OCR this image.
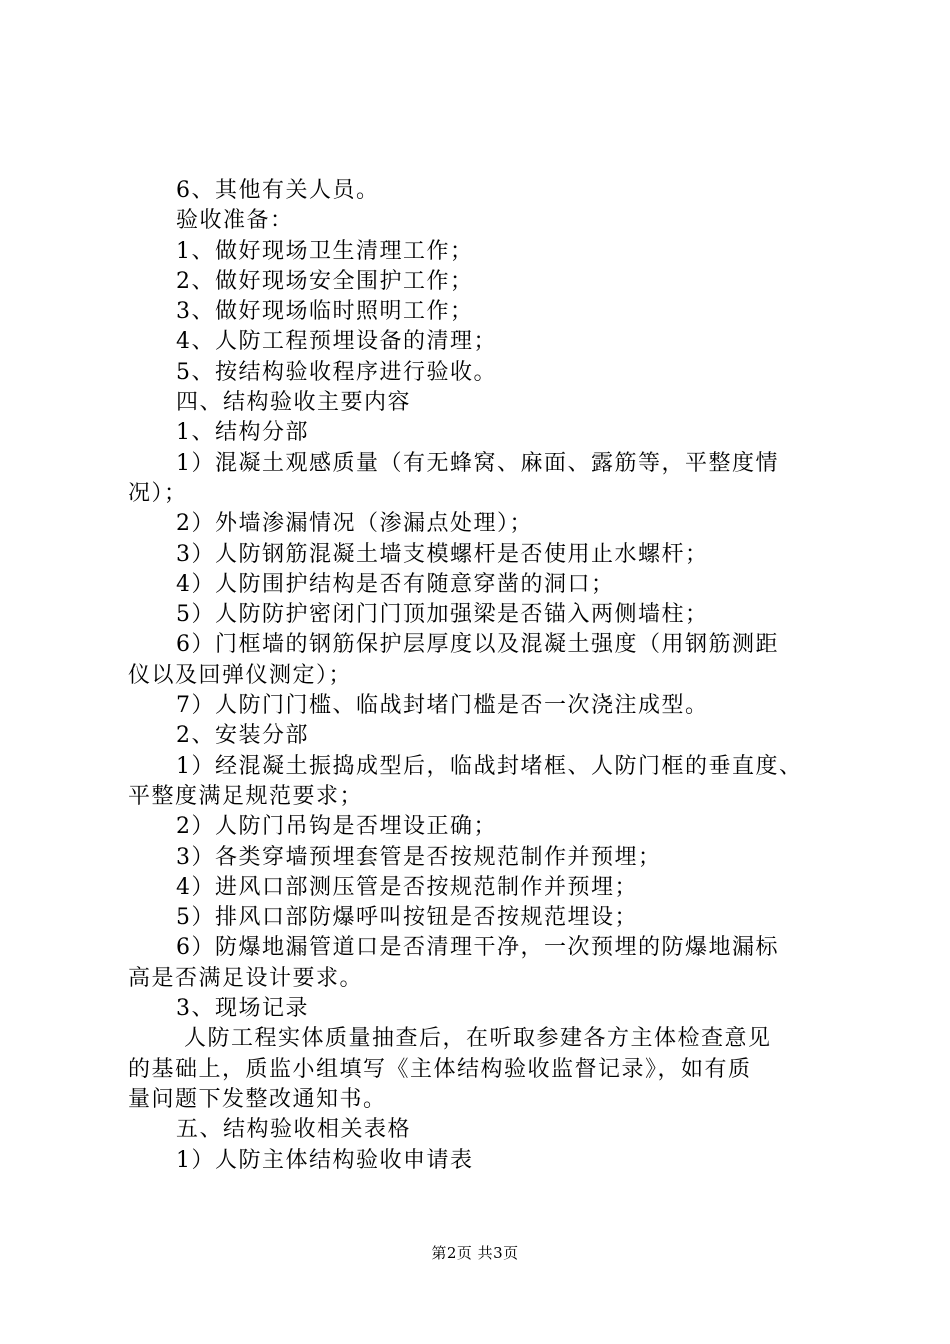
6、其他有关人员。

验收准备：

1、做好现场卫生清理工作；

2、做好现场安全围护工作；

3、做好现场临时照明工作；

4、人防工程预埋设备的清理；

5、按结构验收程序进行验收。

四、结构验收主要内容

1、结构分部

1）混凝土观感质量（有无蜂窝、麻面、露筋等，平整度情

况）；

2）外墙渗漏情况（渗漏点处理）；

3）人防钢筋混凝土墙支模螺杆是否使用止水螺杆；

4）人防围护结构是否有随意穿凿的洞口；

5）人防防护密闭门门顶加强梁是否锚入两侧墙柱；

6）门框墙的钢筋保护层厚度以及混凝土强度（用钢筋测距

仪以及回弹仪测定）；

7）人防门门槛、临战封堵门槛是否一次浇注成型。

2、安装分部

1）经混凝土振捣成型后，临战封堵框、人防门框的垂直度、

平整度满足规范要求；

2）人防门吊钩是否埋设正确；

3）各类穿墙预埋套管是否按规范制作并预埋；

4）进风口部测压管是否按规范制作并预埋；

5）排风口部防爆呼叫按钮是否按规范埋设；

6）防爆地漏管道口是否清理干净，一次预埋的防爆地漏标

高是否满足设计要求。

3、现场记录

人防工程实体质量抽查后，在听取参建各方主体检查意见

的基础上，质监小组填写《主体结构验收监督记录》，如有质

量问题下发整改通知书。

五、结构验收相关表格

1）人防主体结构验收申请表

第2页 共3页
